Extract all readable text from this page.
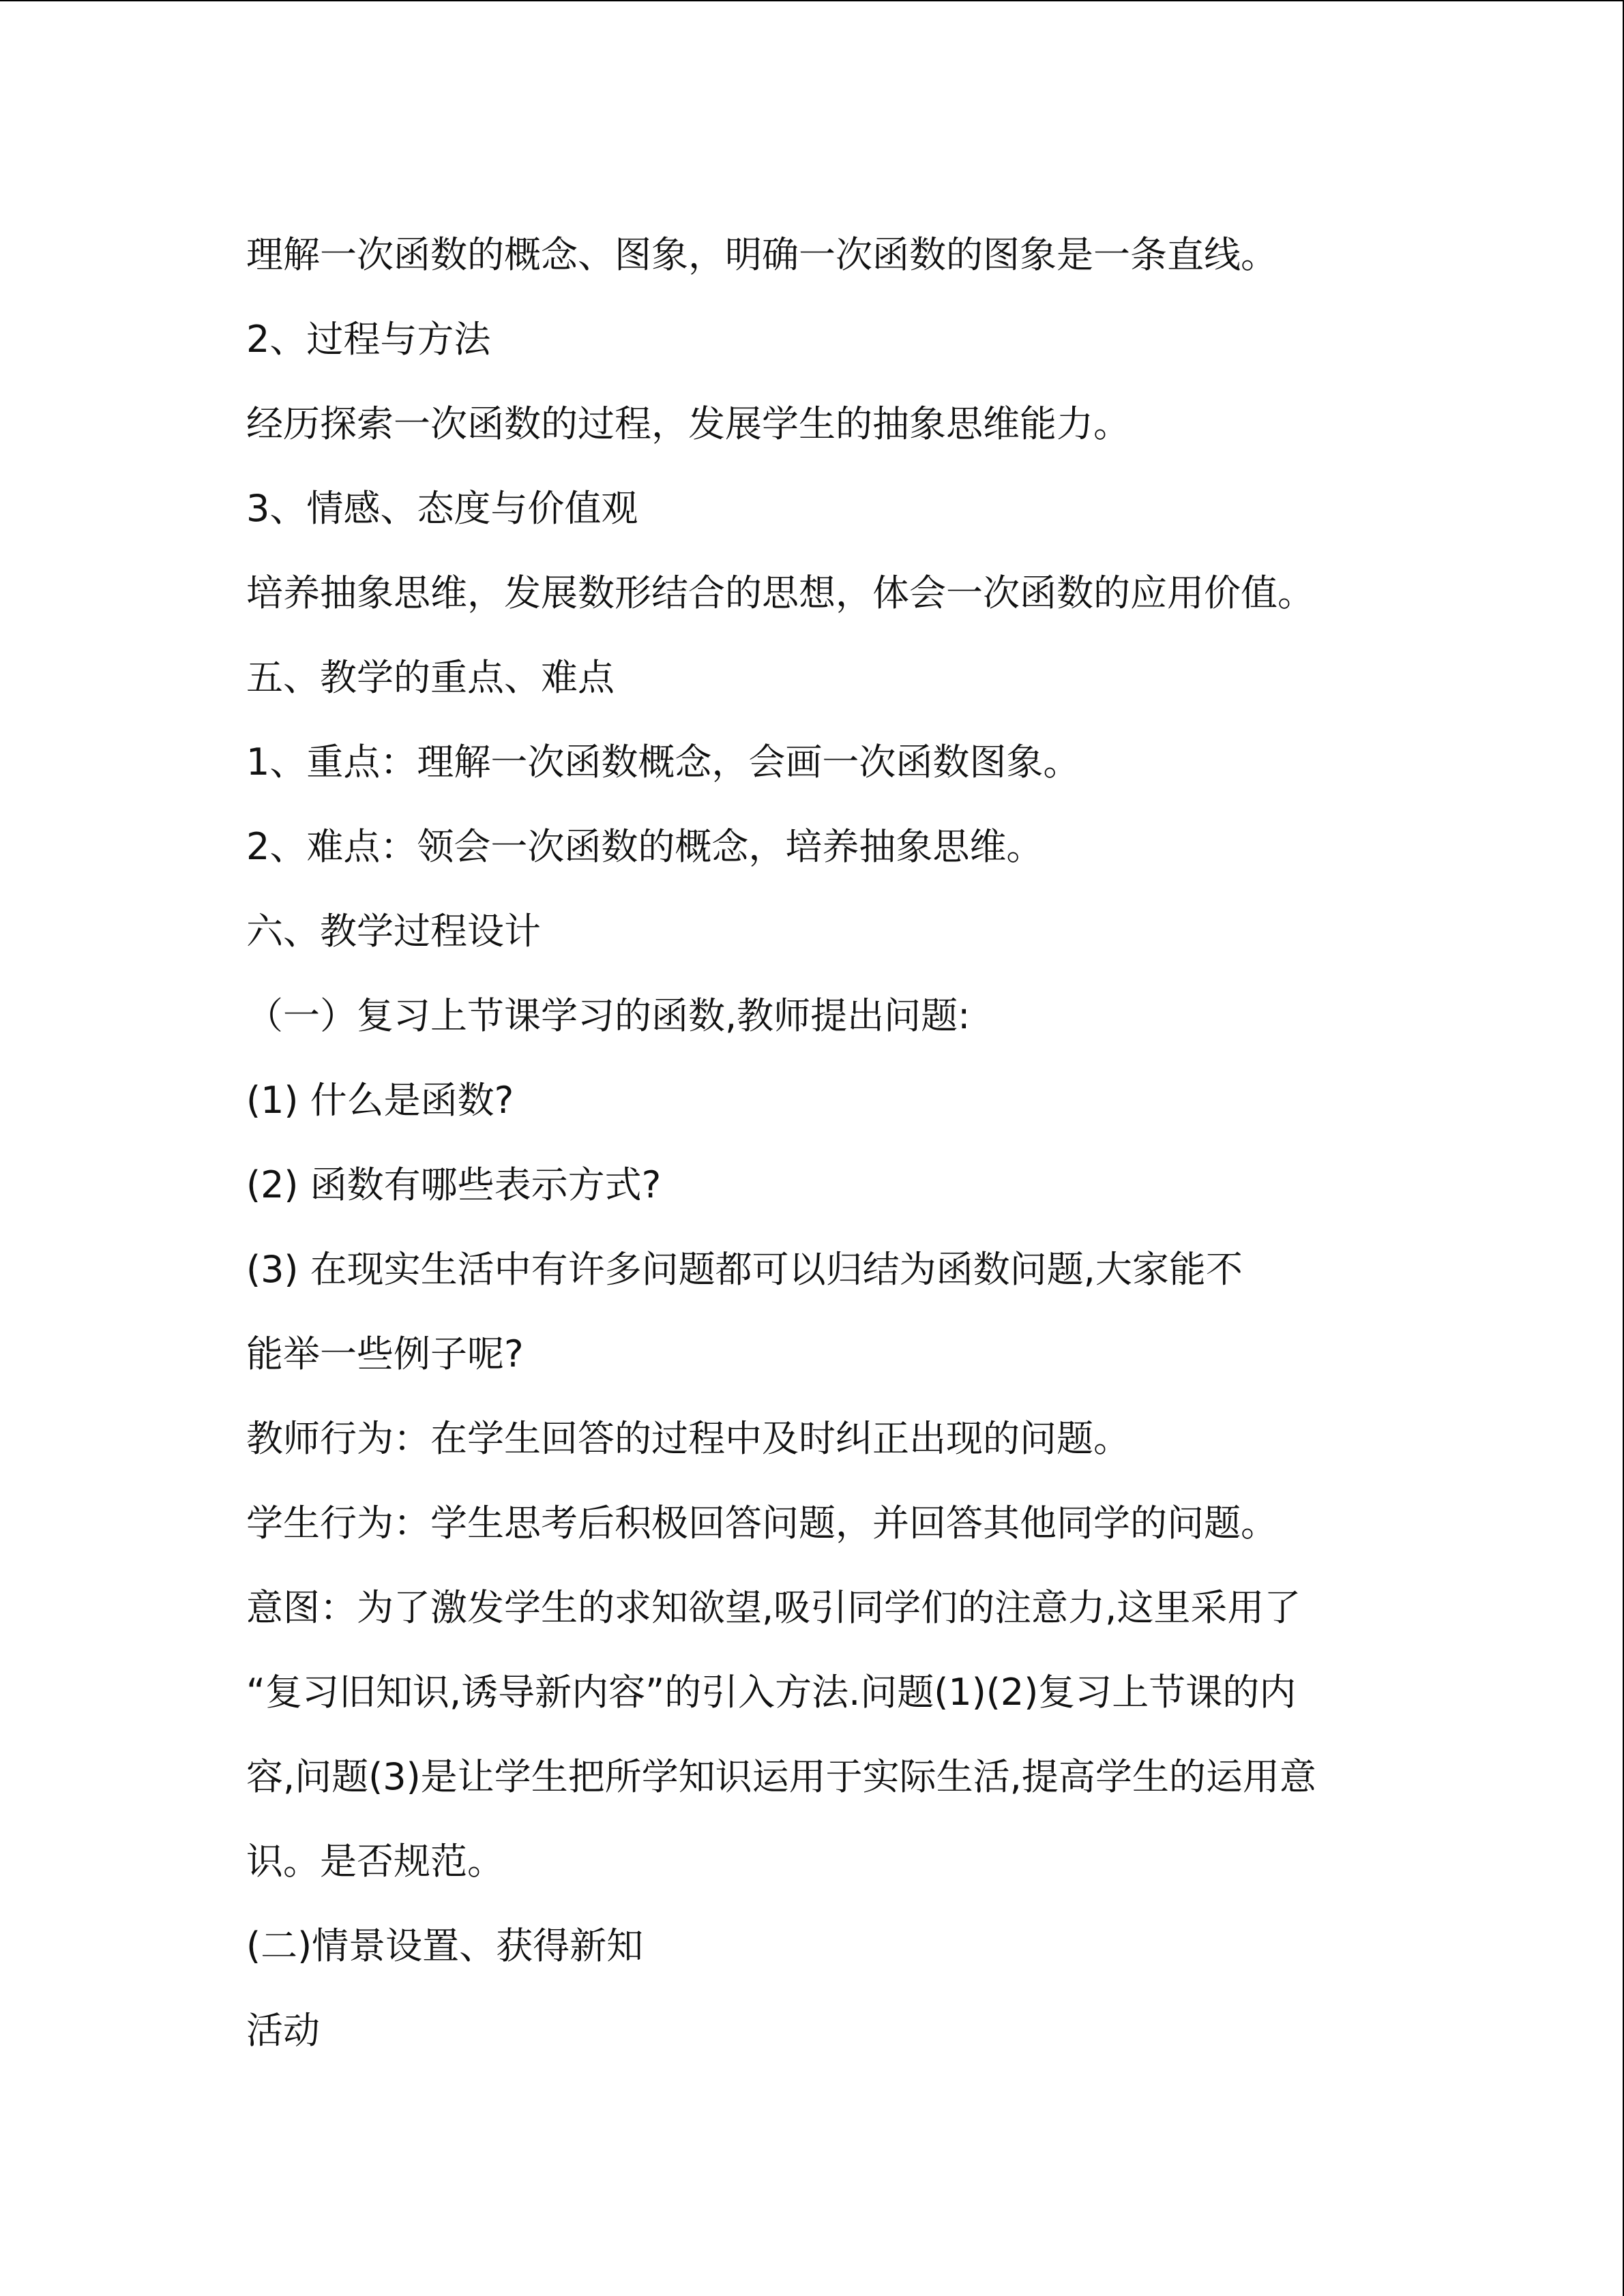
理解一次函数的概念、图象，明确一次函数的图象是一条直线。

2、过程与方法

经历探索一次函数的过程，发展学生的抽象思维能力。

3、情感、态度与价值观

培养抽象思维，发展数形结合的思想，体会一次函数的应用价值。

五、教学的重点、难点

1、重点：理解一次函数概念，会画一次函数图象。

2、难点：领会一次函数的概念，培养抽象思维。

六、教学过程设计

（一）复习上节课学习的函数,教师提出问题:

(1) 什么是函数?

(2) 函数有哪些表示方式?

(3) 在现实生活中有许多问题都可以归结为函数问题,大家能不

能举一些例子呢?

教师行为：在学生回答的过程中及时纠正出现的问题。

学生行为：学生思考后积极回答问题，并回答其他同学的问题。

意图：为了激发学生的求知欲望,吸引同学们的注意力,这里采用了

“复习旧知识,诱导新内容”的引入方法.问题(1)(2)复习上节课的内

容,问题(3)是让学生把所学知识运用于实际生活,提高学生的运用意

识。是否规范。

(二)情景设置、获得新知

活动
